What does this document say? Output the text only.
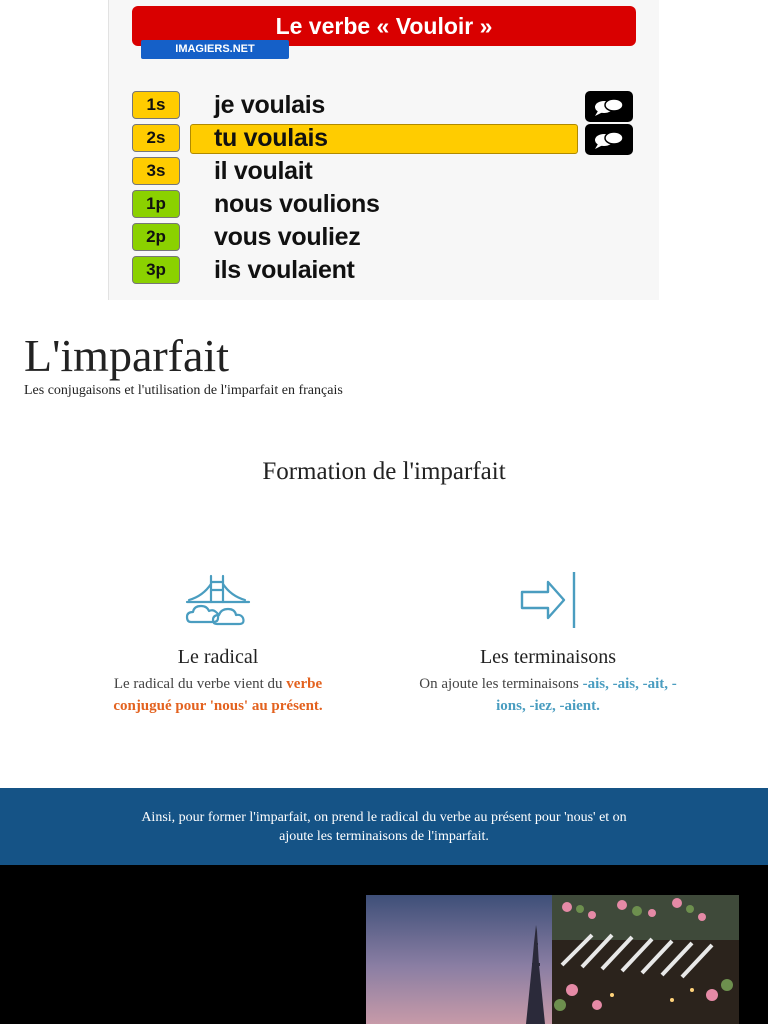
Le verbe « Vouloir »
IMAGIERS.NET
1s	je voulais
2s	tu voulais
3s	il voulait
1p	nous voulions
2p	vous vouliez
3p	ils voulaient
L'imparfait
Les conjugaisons et l'utilisation de l'imparfait en français
Formation de l'imparfait
Le radical

Le radical du verbe vient du verbe conjugué pour 'nous' au présent.

Les terminaisons

On ajoute les terminaisons -ais, -ais, -ait, -ions, -iez, -aient.

Ainsi, pour former l'imparfait, on prend le radical du verbe au présent pour 'nous' et on ajoute les terminaisons de l'imparfait.
